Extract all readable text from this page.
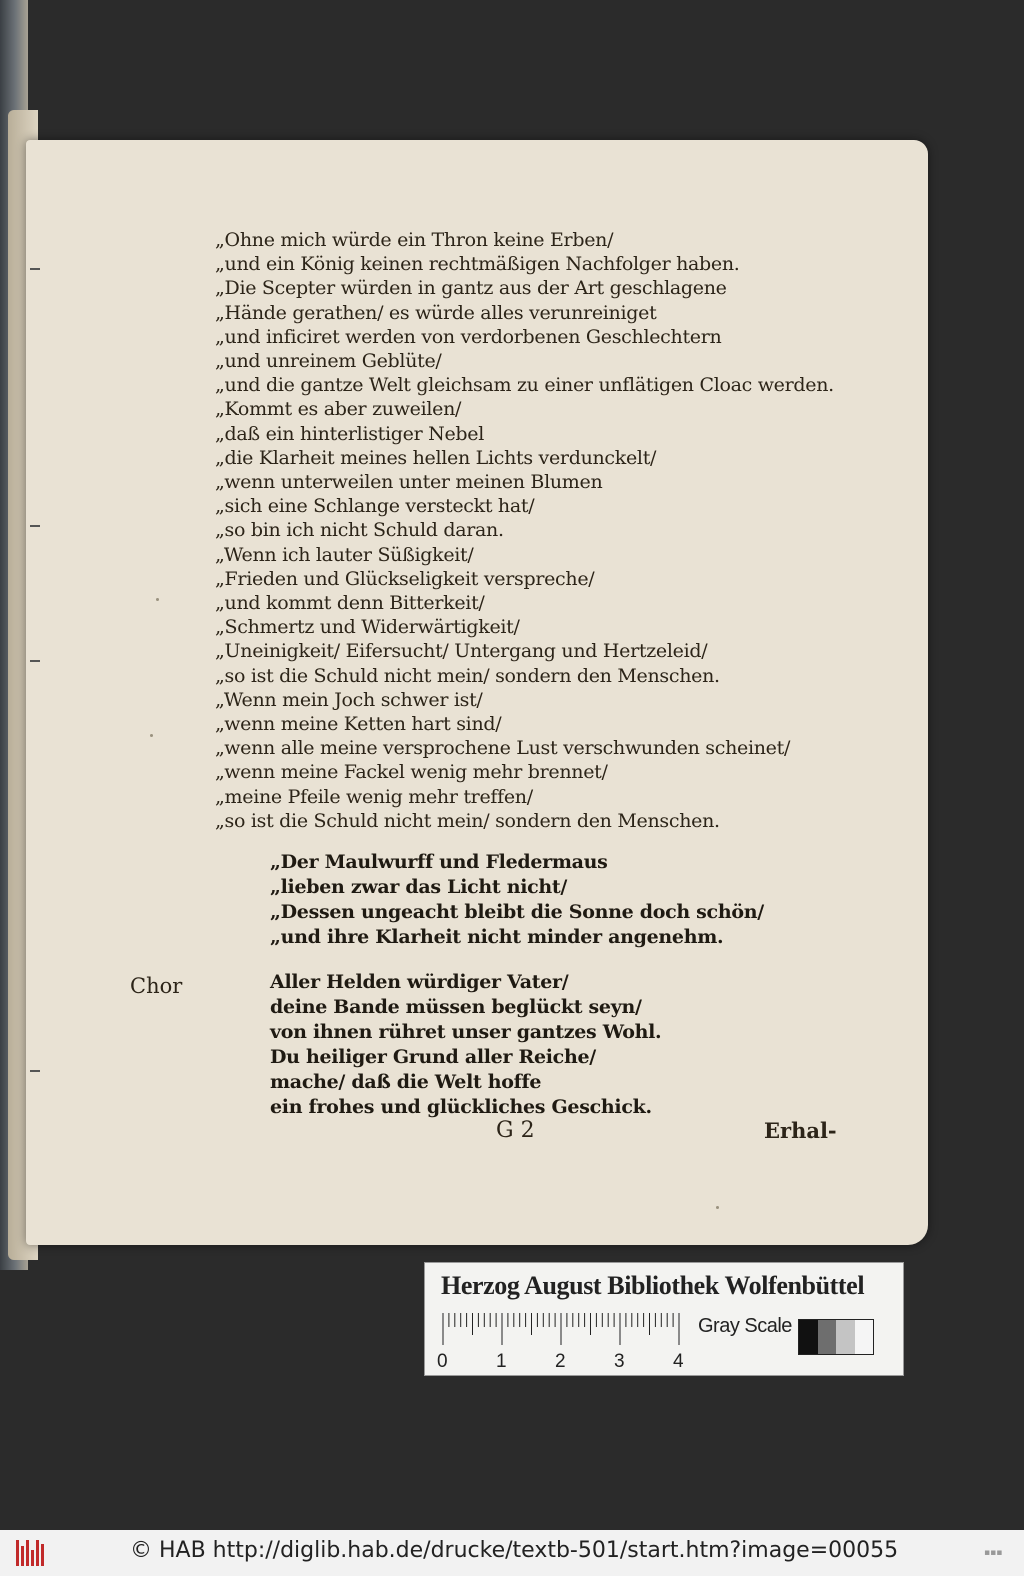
„Ohne mich würde ein Thron keine Erben/
„und ein König keinen rechtmäßigen Nachfolger haben.
„Die Scepter würden in gantz aus der Art geschlagene
„Hände gerathen/ es würde alles verunreiniget
„und inficiret werden von verdorbenen Geschlechtern
„und unreinem Geblüte/
„und die gantze Welt gleichsam zu einer unflätigen Cloac werden.
„Kommt es aber zuweilen/
„daß ein hinterlistiger Nebel
„die Klarheit meines hellen Lichts verdunckelt/
„wenn unterweilen unter meinen Blumen
„sich eine Schlange versteckt hat/
„so bin ich nicht Schuld daran.
„Wenn ich lauter Süßigkeit/
„Frieden und Glückseligkeit verspreche/
„und kommt denn Bitterkeit/
„Schmertz und Widerwärtigkeit/
„Uneinigkeit/ Eifersucht/ Untergang und Hertzeleid/
„so ist die Schuld nicht mein/ sondern den Menschen.
„Wenn mein Joch schwer ist/
„wenn meine Ketten hart sind/
„wenn alle meine versprochene Lust verschwunden scheinet/
„wenn meine Fackel wenig mehr brennet/
„meine Pfeile wenig mehr treffen/
„so ist die Schuld nicht mein/ sondern den Menschen.
„Der Maulwurff und Fledermaus
„lieben zwar das Licht nicht/
„Dessen ungeacht bleibt die Sonne doch schön/
„und ihre Klarheit nicht minder angenehm.
Chor	Aller Helden würdiger Vater/
deine Bande müssen beglückt seyn/
von ihnen rühret unser gantzes Wohl.
Du heiliger Grund aller Reiche/
mache/ daß die Welt hoffe
ein frohes und glückliches Geschick.
G 2	Erhal-
Herzog August Bibliothek Wolfenbüttel
0	1	2	3	4
Gray Scale
© HAB http://diglib.hab.de/drucke/textb-501/start.htm?image=00055	▪▪▪
